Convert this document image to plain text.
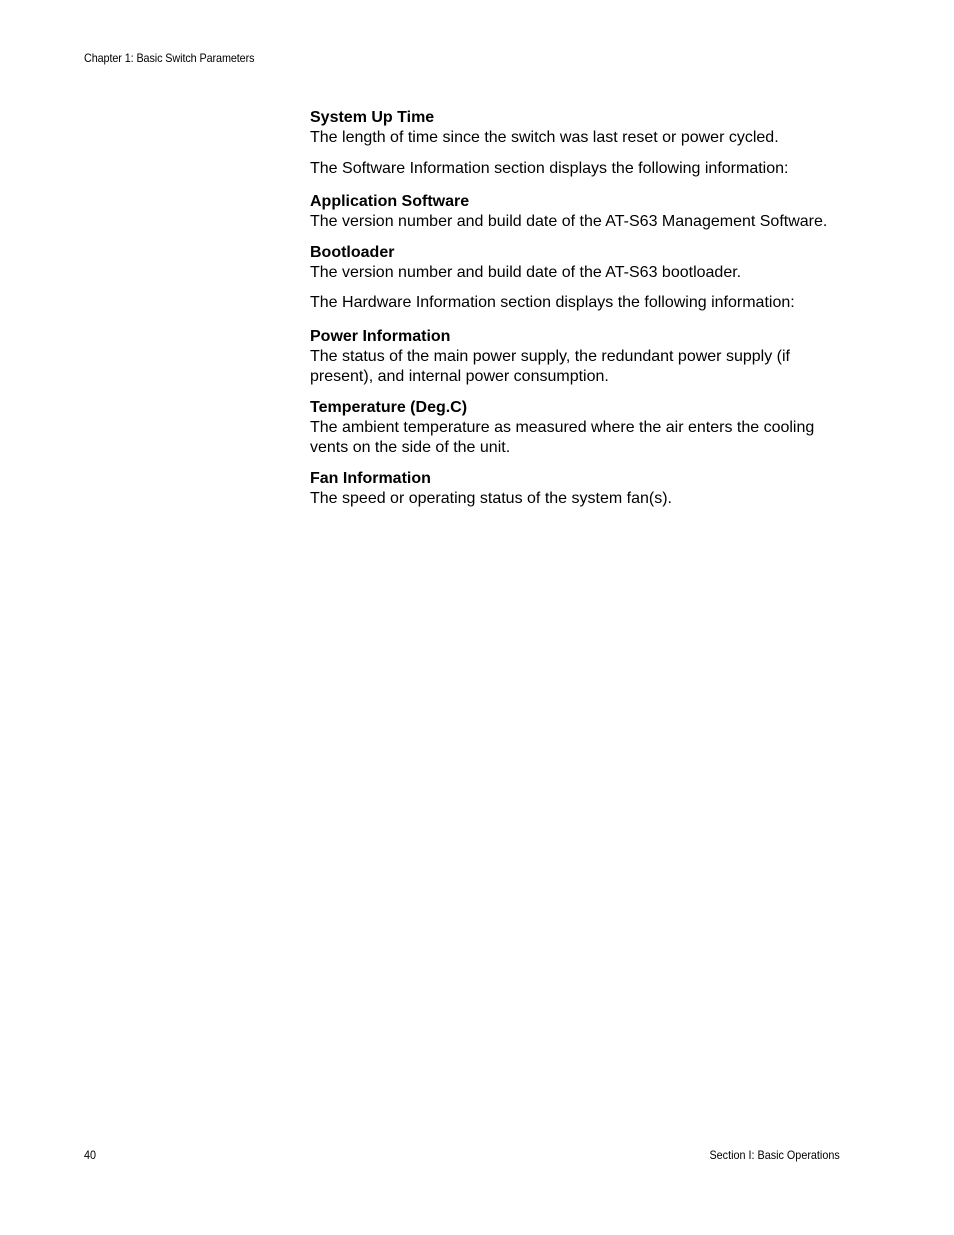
Chapter 1: Basic Switch Parameters
System Up Time
The length of time since the switch was last reset or power cycled.
The Software Information section displays the following information:
Application Software
The version number and build date of the AT-S63 Management Software.
Bootloader
The version number and build date of the AT-S63 bootloader.
The Hardware Information section displays the following information:
Power Information
The status of the main power supply, the redundant power supply (if present), and internal power consumption.
Temperature (Deg.C)
The ambient temperature as measured where the air enters the cooling vents on the side of the unit.
Fan Information
The speed or operating status of the system fan(s).
40	Section I: Basic Operations
